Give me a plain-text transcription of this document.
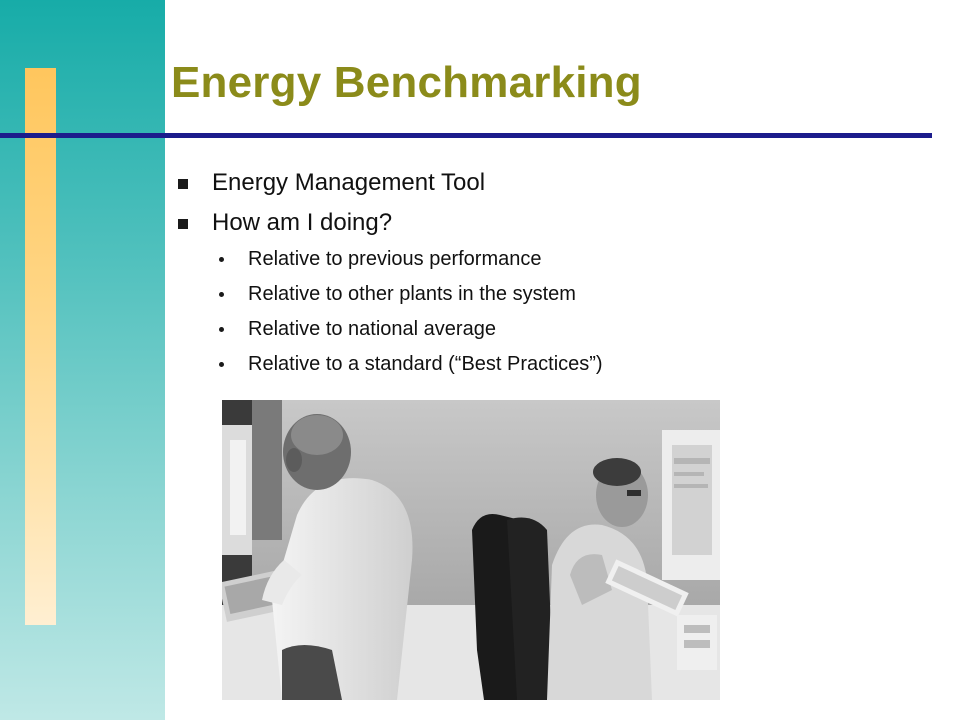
Energy Benchmarking
Energy Management Tool
How am I doing?
Relative to previous performance
Relative to other plants in the system
Relative to national average
Relative to a standard (“Best Practices”)
